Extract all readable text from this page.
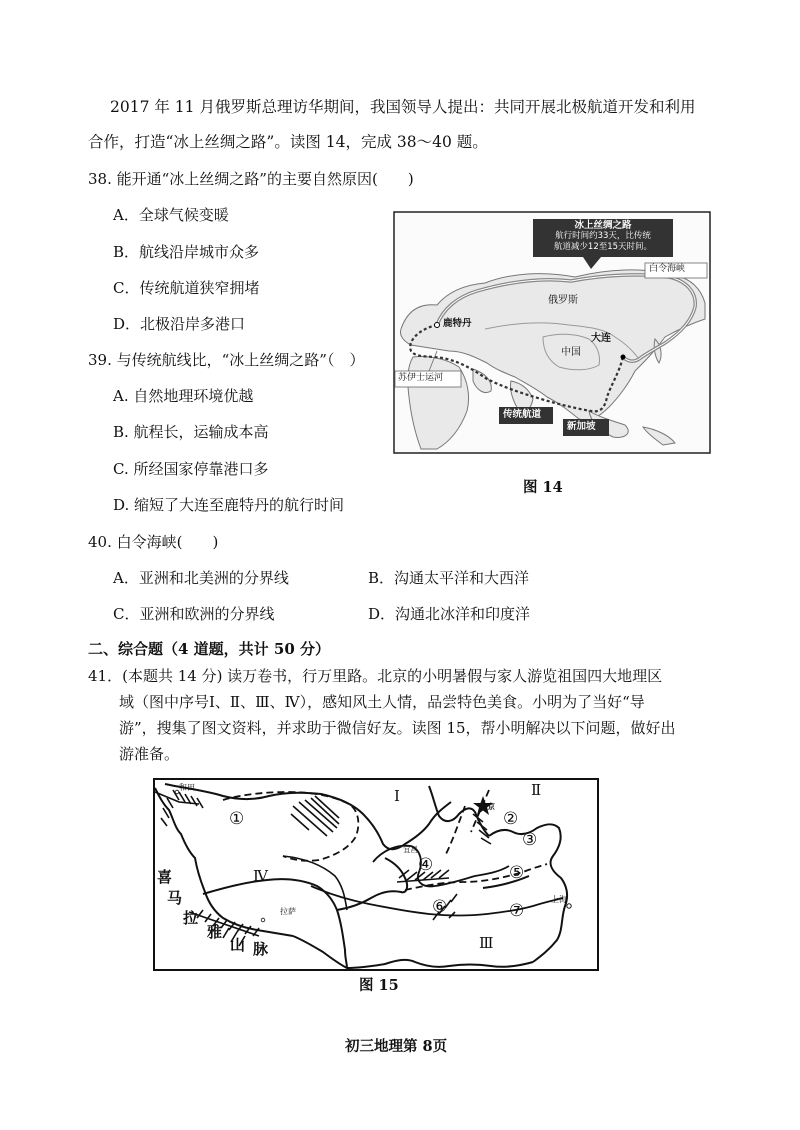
2017 年 11 月俄罗斯总理访华期间，我国领导人提出：共同开展北极航道开发和利用
合作，打造“冰上丝绸之路”。读图 14，完成 38～40 题。
38. 能开通“冰上丝绸之路”的主要自然原因(　　)
A．全球气候变暖
B．航线沿岸城市众多
C．传统航道狭窄拥堵
D．北极沿岸多港口
39. 与传统航线比，“冰上丝绸之路”（　）
A. 自然地理环境优越
B. 航程长，运输成本高
C. 所经国家停靠港口多
D. 缩短了大连至鹿特丹的航行时间
冰上丝绸之路
航行时间约33天，比传统
航道减少12至15天时间。
白令海峡
俄罗斯
鹿特丹
中国
大连
苏伊士运河
传统航道
新加坡
图 14
40. 白令海峡(　　)
A．亚洲和北美洲的分界线	B．沟通太平洋和大西洋
C．亚洲和欧洲的分界线	D．沟通北冰洋和印度洋
二、综合题（4 道题，共计 50 分）
41．(本题共 14 分) 读万卷书，行万里路。北京的小明暑假与家人游览祖国四大地理区
域（图中序号Ⅰ、Ⅱ、Ⅲ、Ⅳ），感知风土人情，品尝特色美食。小明为了当好“导
游”，搜集了图文资料，并求助于微信好友。读图 15，帮小明解决以下问题，做好出
游准备。
和田
北京
宜昌
拉萨
上海
Ⅰ	Ⅱ
Ⅲ
Ⅳ
①	②
③
④	⑤
⑥	⑦
喜
马
拉
雅
山 脉
图 15
初三地理第 8页
